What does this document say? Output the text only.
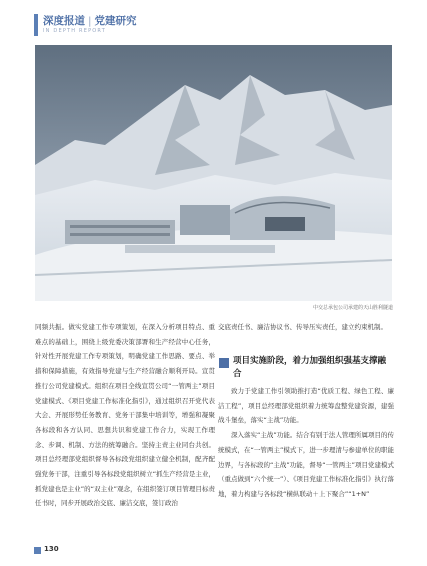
深度报道 | 党建研究
IN DEPTH REPORT
中交总承包公司承建的天山胜利隧道

同频共振。做实党建工作专项策划，在深入分析项目特点、重难点的基础上，围绕上级党委决策部署和生产经营中心任务，针对性开展党建工作专项策划，明确党建工作思路、要点、举措和保障措施，有效指导党建与生产经营融合顺利开局。宣贯推行公司党建模式。组织在项目全线宣贯公司“一管两主”项目党建模式、《项目党建工作标准化指引》，通过组织召开党代表大会、开展形势任务教育、党务干部集中培训等，增强和凝聚各标段和各方认同、思想共识和党建工作合力，实现工作理念、步调、机制、方法的统筹融合。坚持主责主业同台共创。项目总经理部党组织督导各标段党组织建立健全机制，配齐配强党务干部，注重引导各标段党组织树立“抓生产经营是主业，抓党建也是主业”的“双主业”观念，在组织签订项目管理目标责任书时，同步开展政治交底、廉洁交底，签订政治

交底责任书、廉洁协议书、传导压实责任，建立约束机制。

项目实施阶段，着力加强组织强基支撑融合

致力于党建工作引领助推打造“优质工程、绿色工程、廉洁工程”，项目总经理部党组织着力统筹盘整党建资源，建强战斗堡垒，落实“主战”功能。

深入落实“主战”功能。结合有别于法人管理所属项目的传统模式，在“一管两主”模式下，进一步理清与参建单位的职能边界，与各标段的“主战”功能，督导“一管两主”项目党建模式（重点做到“六个统一”）、《项目党建工作标准化指引》执行落地，着力构建与各标段“横纵联动＋上下聚合”“1+N”

130
